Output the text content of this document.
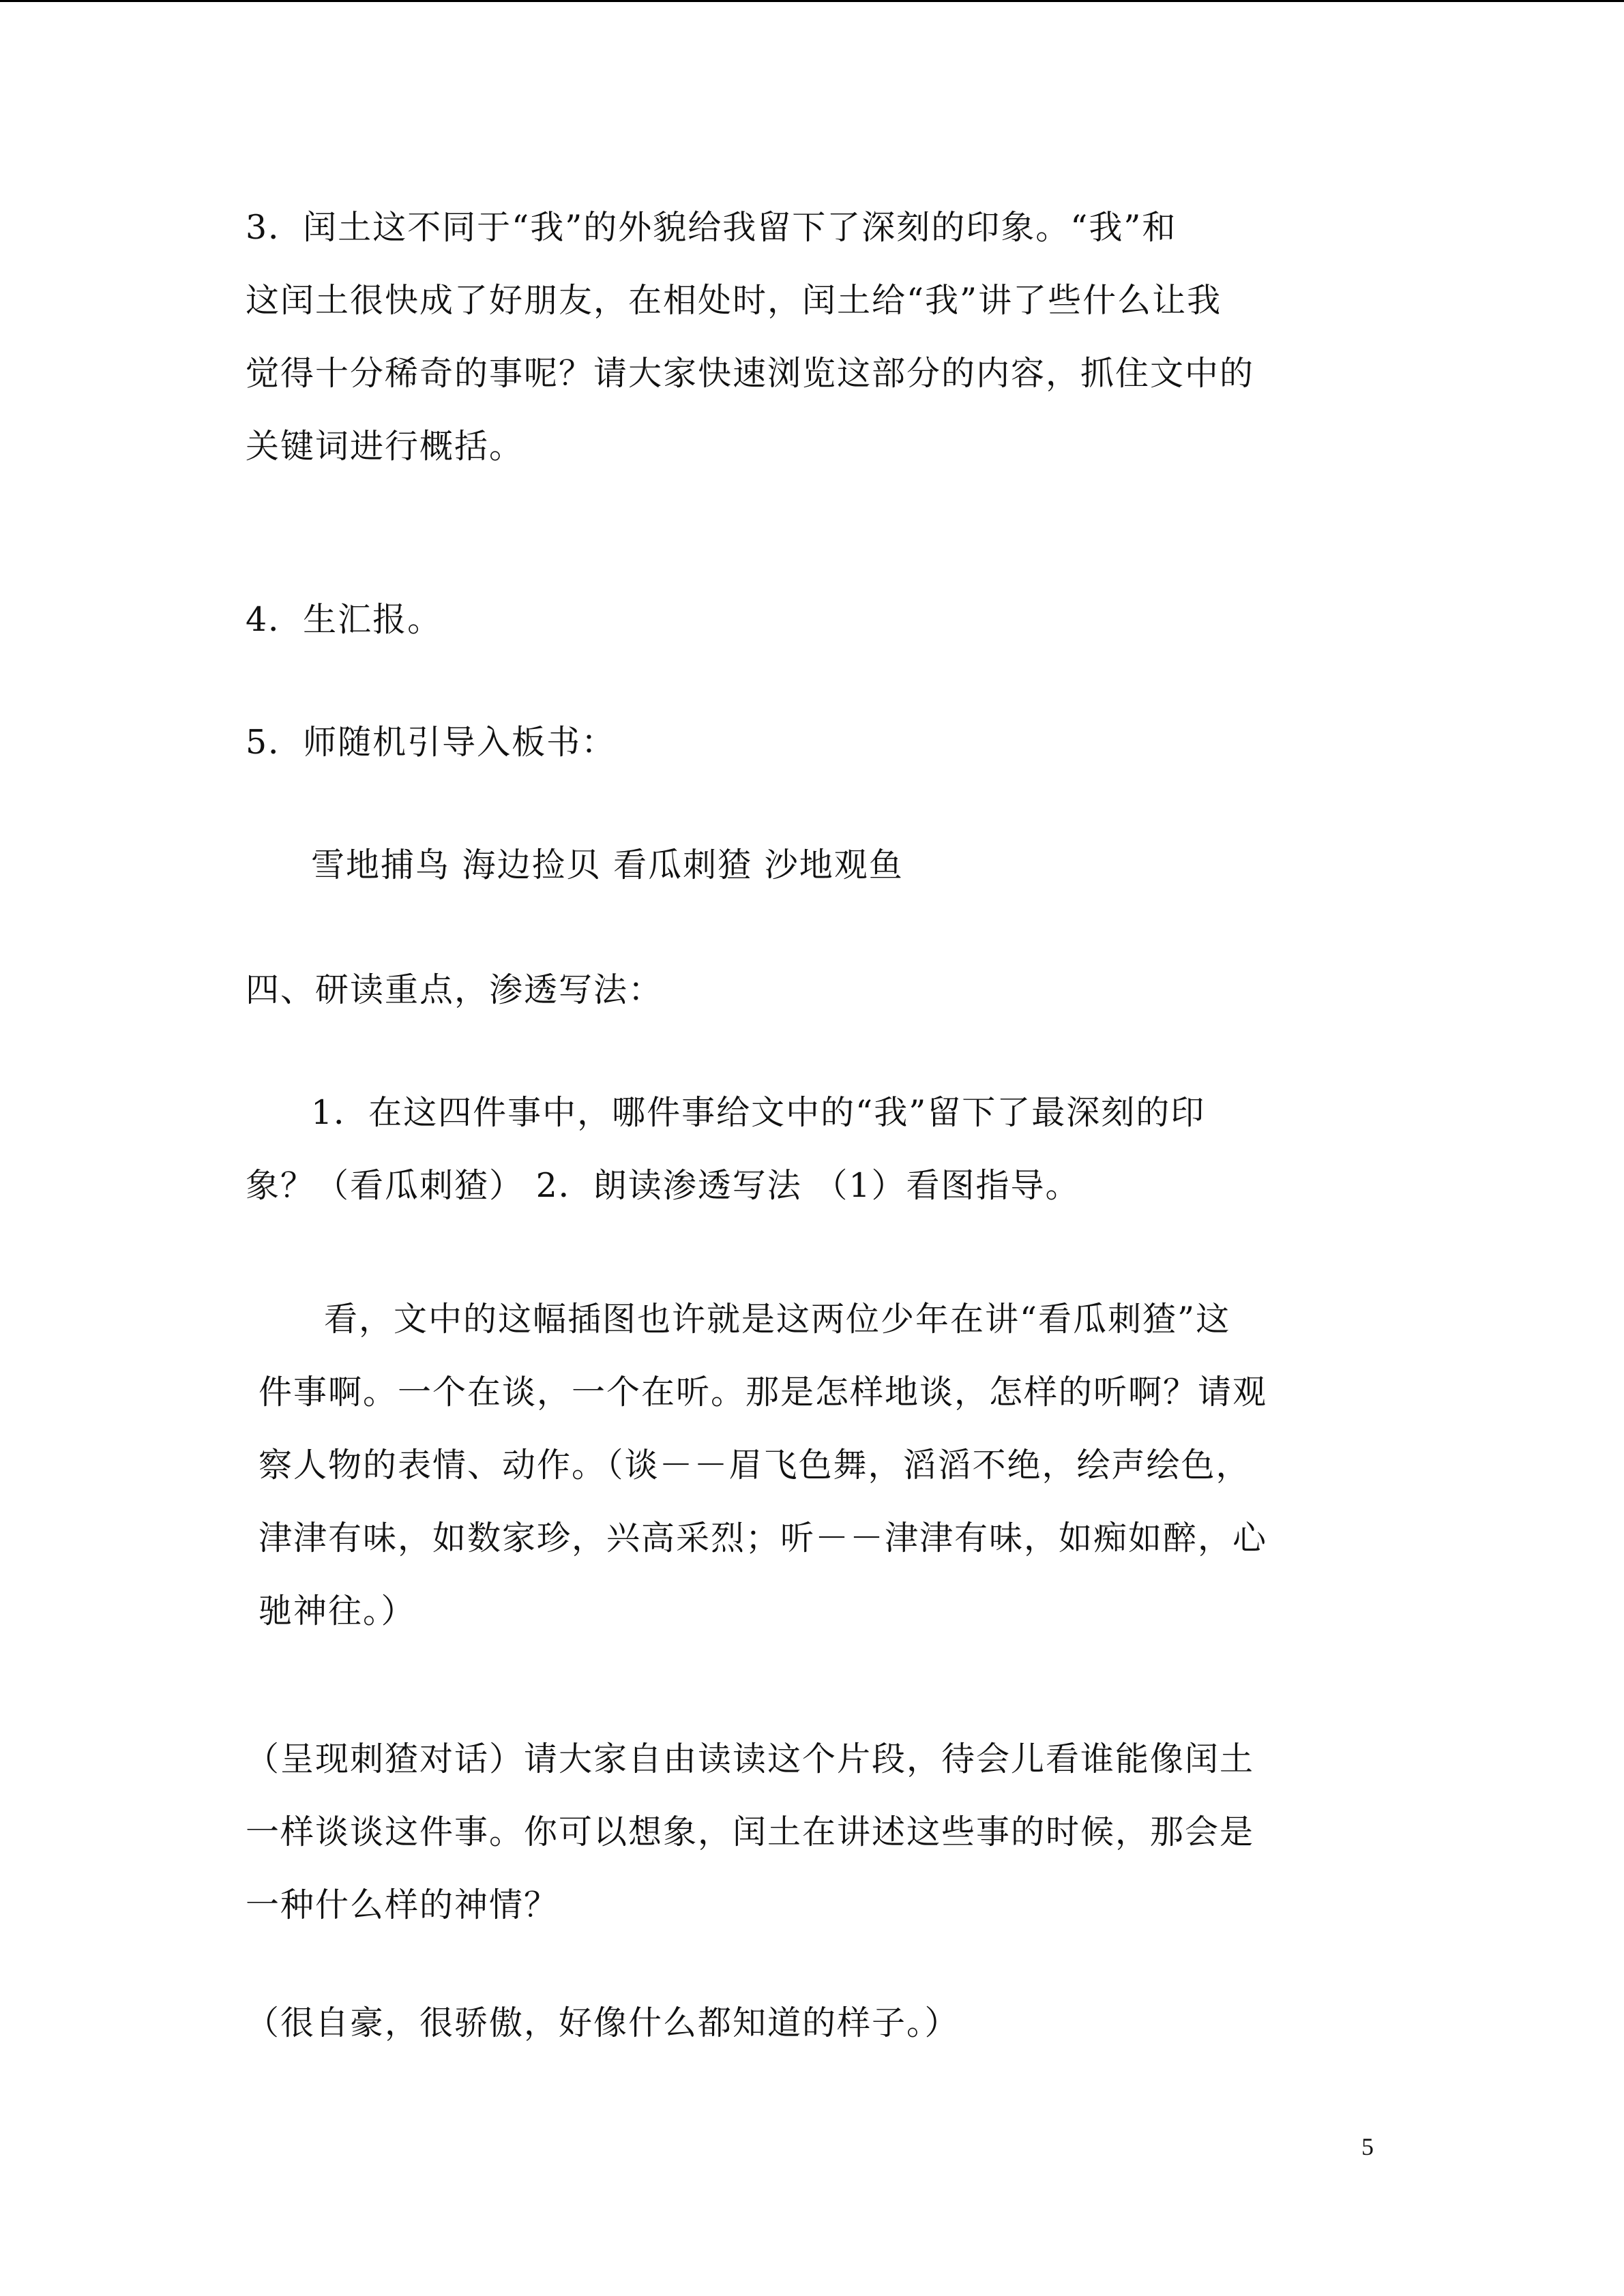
3．闰土这不同于“我”的外貌给我留下了深刻的印象。“我”和
这闰土很快成了好朋友，在相处时，闰土给“我”讲了些什么让我
觉得十分稀奇的事呢？请大家快速浏览这部分的内容，抓住文中的
关键词进行概括。
4．生汇报。
5．师随机引导入板书：
雪地捕鸟 海边捡贝 看瓜刺猹 沙地观鱼
四、研读重点，渗透写法：
1．在这四件事中，哪件事给文中的“我”留下了最深刻的印
象？（看瓜刺猹） 2．朗读渗透写法 （1）看图指导。
看，文中的这幅插图也许就是这两位少年在讲“看瓜刺猹”这
件事啊。一个在谈，一个在听。那是怎样地谈，怎样的听啊？请观
察人物的表情、动作。（谈－－眉飞色舞，滔滔不绝，绘声绘色，
津津有味，如数家珍，兴高采烈；听－－津津有味，如痴如醉，心
驰神往。）
（呈现刺猹对话）请大家自由读读这个片段，待会儿看谁能像闰土
一样谈谈这件事。你可以想象，闰土在讲述这些事的时候，那会是
一种什么样的神情？
（很自豪，很骄傲，好像什么都知道的样子。）
5
